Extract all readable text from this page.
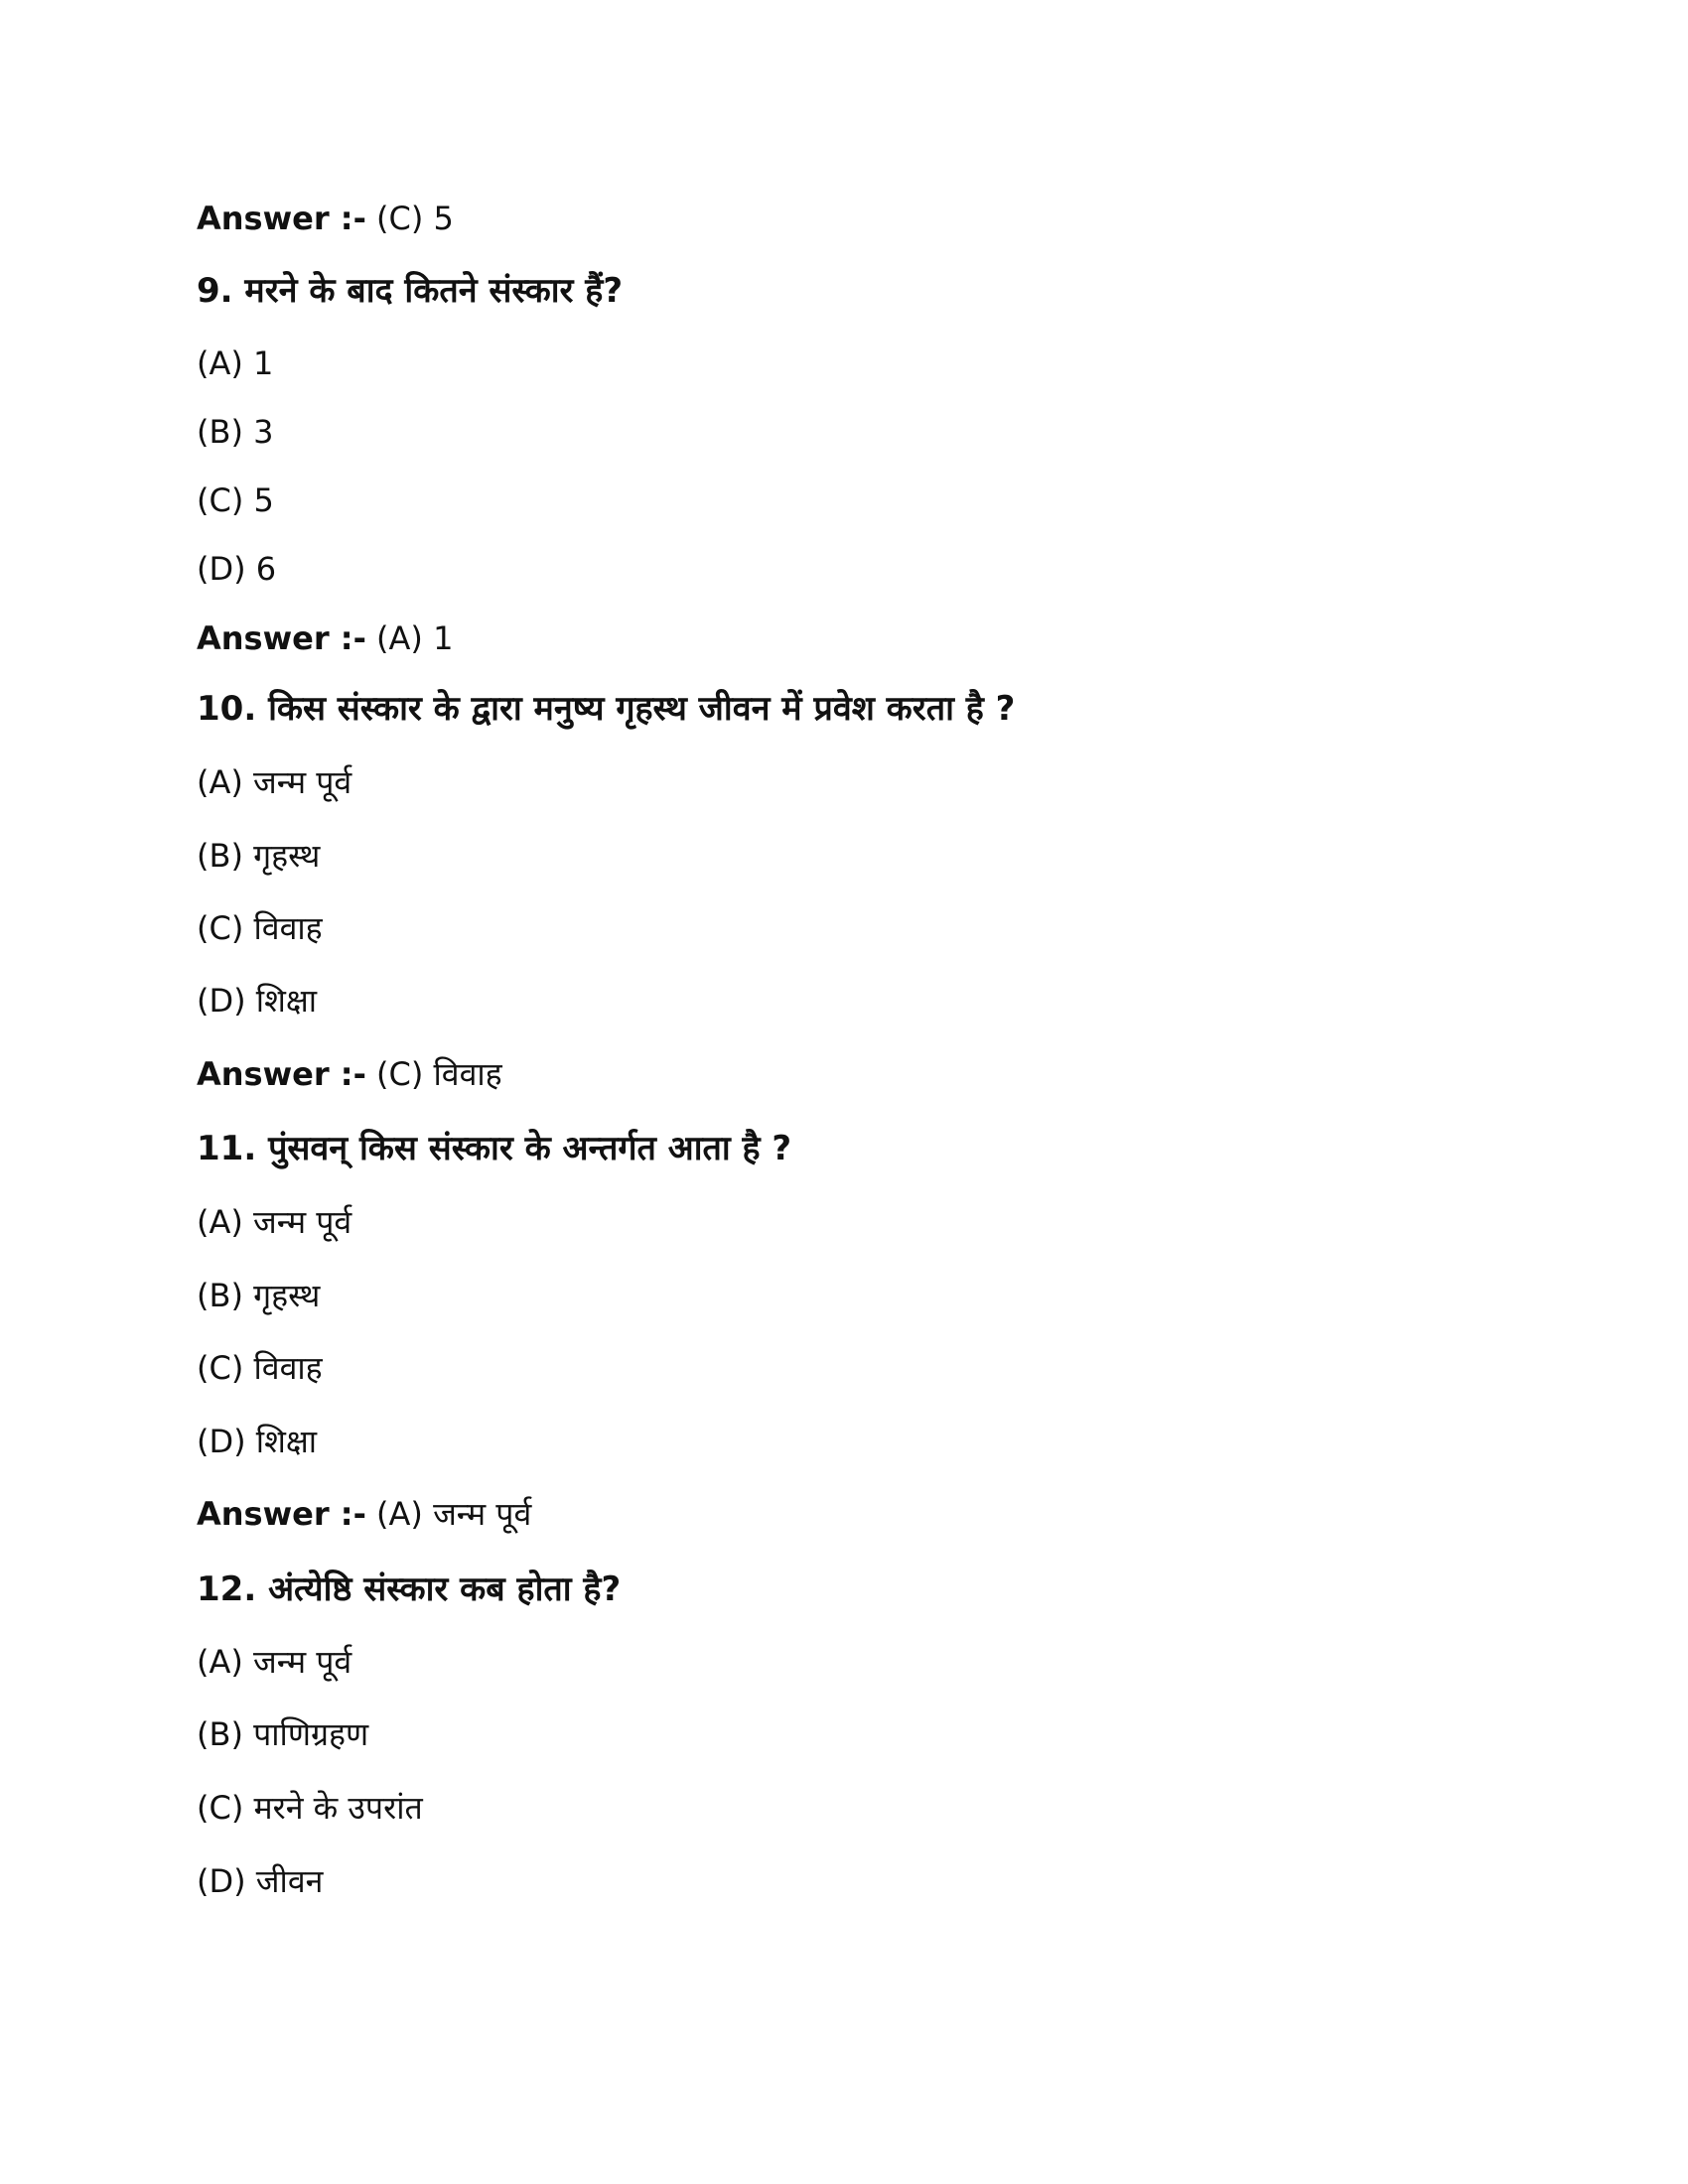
Answer :- (C) 5
9. मरने के बाद कितने संस्कार हैं?
(A) 1
(B) 3
(C) 5
(D) 6
Answer :- (A) 1
10. किस संस्कार के द्वारा मनुष्य गृहस्थ जीवन में प्रवेश करता है ?
(A) जन्म पूर्व
(B) गृहस्थ
(C) विवाह
(D) शिक्षा
Answer :- (C) विवाह
11. पुंसवन् किस संस्कार के अन्तर्गत आता है ?
(A) जन्म पूर्व
(B) गृहस्थ
(C) विवाह
(D) शिक्षा
Answer :- (A) जन्म पूर्व
12. अंत्येष्ठि संस्कार कब होता है?
(A) जन्म पूर्व
(B) पाणिग्रहण
(C) मरने के उपरांत
(D) जीवन
